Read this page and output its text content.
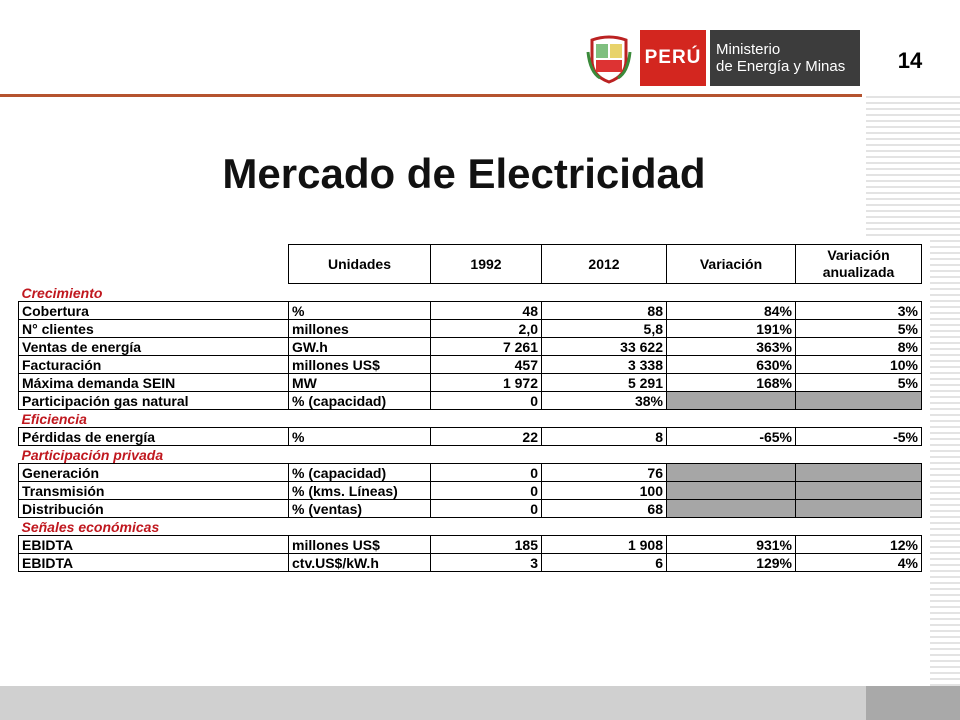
PERÚ Ministerio
de Energía y Minas	14
Mercado de Electricidad
	Unidades	1992	2012	Variación	Variación
anualizada
Crecimiento					
Cobertura	%	48	88	84%	3%
N° clientes	millones	2,0	5,8	191%	5%
Ventas de energía	GW.h	7 261	33 622	363%	8%
Facturación	millones US$	457	3 338	630%	10%
Máxima demanda SEIN	MW	1 972	5 291	168%	5%
Participación gas natural	% (capacidad)	0	38%		
Eficiencia					
Pérdidas de energía	%	22	8	-65%	-5%
Participación privada					
Generación	% (capacidad)	0	76		
Transmisión	% (kms. Líneas)	0	100		
Distribución	% (ventas)	0	68		
Señales económicas					
EBIDTA	millones US$	185	1 908	931%	12%
EBIDTA	ctv.US$/kW.h	3	6	129%	4%
